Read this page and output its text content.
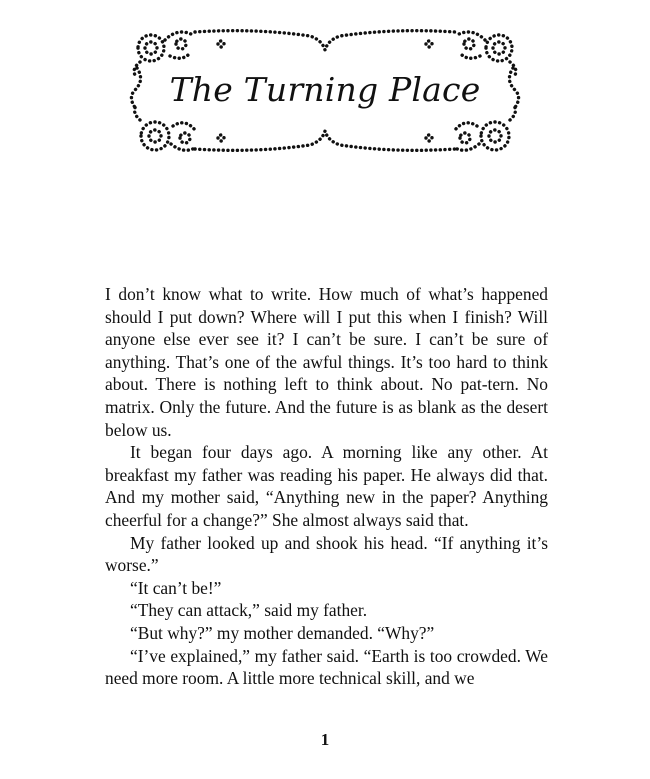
The Turning Place

I don’t know what to write. How much of what’s happened should I put down? Where will I put this when I finish? Will anyone else ever see it? I can’t be sure. I can’t be sure of anything. That’s one of the awful things. It’s too hard to think about. There is nothing left to think about. No pat-tern. No matrix. Only the future. And the future is as blank as the desert below us.

It began four days ago. A morning like any other. At breakfast my father was reading his paper. He always did that. And my mother said, “Anything new in the paper? Anything cheerful for a change?” She almost always said that.

My father looked up and shook his head. “If anything it’s worse.”

“It can’t be!”

“They can attack,” said my father.

“But why?” my mother demanded. “Why?”

“I’ve explained,” my father said. “Earth is too crowded. We need more room. A little more technical skill, and we

1
